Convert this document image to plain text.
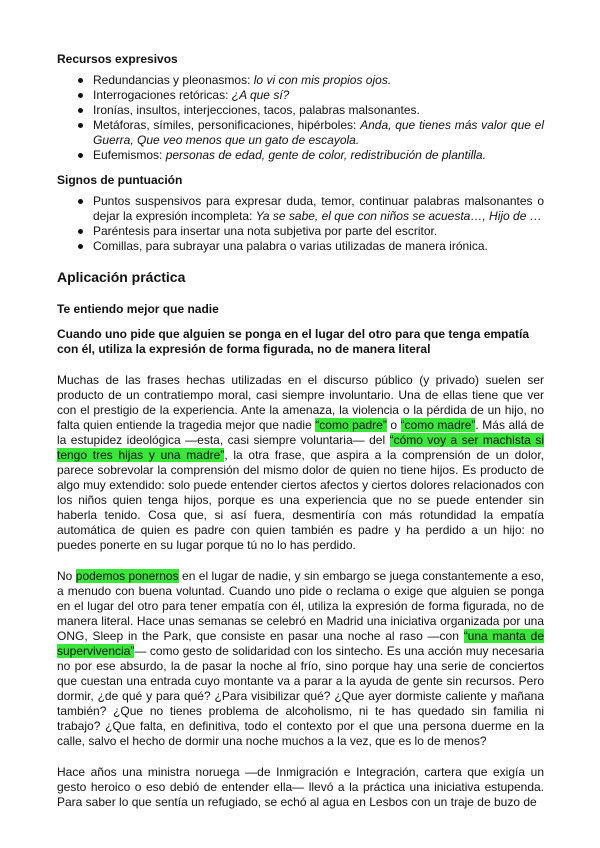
Recursos expresivos
Redundancias y pleonasmos: lo vi con mis propios ojos.
Interrogaciones retóricas: ¿A que sí?
Ironías, insultos, interjecciones, tacos, palabras malsonantes.
Metáforas, símiles, personificaciones, hipérboles: Anda, que tienes más valor que el Guerra, Que veo menos que un gato de escayola.
Eufemismos: personas de edad, gente de color, redistribución de plantilla.
Signos de puntuación
Puntos suspensivos para expresar duda, temor, continuar palabras malsonantes o dejar la expresión incompleta: Ya se sabe, el que con niños se acuesta…, Hijo de …
Paréntesis para insertar una nota subjetiva por parte del escritor.
Comillas, para subrayar una palabra o varias utilizadas de manera irónica.
Aplicación práctica
Te entiendo mejor que nadie
Cuando uno pide que alguien se ponga en el lugar del otro para que tenga empatía con él, utiliza la expresión de forma figurada, no de manera literal

Muchas de las frases hechas utilizadas en el discurso público (y privado) suelen ser producto de un contratiempo moral, casi siempre involuntario. Una de ellas tiene que ver con el prestigio de la experiencia. Ante la amenaza, la violencia o la pérdida de un hijo, no falta quien entiende la tragedia mejor que nadie “como padre” o “como madre”. Más allá de la estupidez ideológica —esta, casi siempre voluntaria— del “cómo voy a ser machista si tengo tres hijas y una madre”, la otra frase, que aspira a la comprensión de un dolor, parece sobrevolar la comprensión del mismo dolor de quien no tiene hijos. Es producto de algo muy extendido: solo puede entender ciertos afectos y ciertos dolores relacionados con los niños quien tenga hijos, porque es una experiencia que no se puede entender sin haberla tenido. Cosa que, si así fuera, desmentiría con más rotundidad la empatía automática de quien es padre con quien también es padre y ha perdido a un hijo: no puedes ponerte en su lugar porque tú no lo has perdido.

No podemos ponernos en el lugar de nadie, y sin embargo se juega constantemente a eso, a menudo con buena voluntad. Cuando uno pide o reclama o exige que alguien se ponga en el lugar del otro para tener empatía con él, utiliza la expresión de forma figurada, no de manera literal. Hace unas semanas se celebró en Madrid una iniciativa organizada por una ONG, Sleep in the Park, que consiste en pasar una noche al raso —con “una manta de supervivencia”— como gesto de solidaridad con los sintecho. Es una acción muy necesaria no por ese absurdo, la de pasar la noche al frío, sino porque hay una serie de conciertos que cuestan una entrada cuyo montante va a parar a la ayuda de gente sin recursos. Pero dormir, ¿de qué y para qué? ¿Para visibilizar qué? ¿Que ayer dormiste caliente y mañana también? ¿Que no tienes problema de alcoholismo, ni te has quedado sin familia ni trabajo? ¿Que falta, en definitiva, todo el contexto por el que una persona duerme en la calle, salvo el hecho de dormir una noche muchos a la vez, que es lo de menos?

Hace años una ministra noruega —de Inmigración e Integración, cartera que exigía un gesto heroico o eso debió de entender ella— llevó a la práctica una iniciativa estupenda. Para saber lo que sentía un refugiado, se echó al agua en Lesbos con un traje de buzo de
